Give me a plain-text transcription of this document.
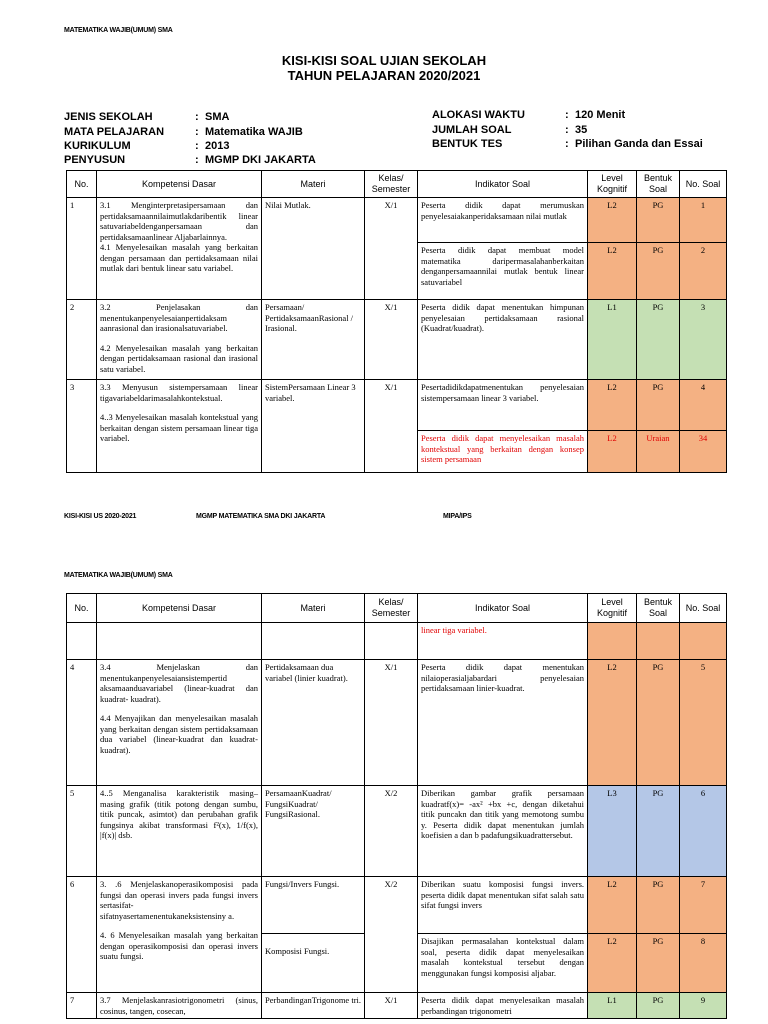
MATEMATIKA WAJIB(UMUM) SMA
KISI-KISI SOAL UJIAN SEKOLAH
TAHUN PELAJARAN 2020/2021
JENIS SEKOLAH	: SMA
MATA PELAJARAN	: Matematika WAJIB
KURIKULUM	: 2013
PENYUSUN	: MGMP DKI JAKARTA
ALOKASI WAKTU	: 120 Menit
JUMLAH SOAL	: 35
BENTUK TES	: Pilihan Ganda dan Essai
No.	Kompetensi Dasar	Materi	Kelas/ Semester	Indikator Soal	Level Kognitif	Bentuk Soal	No. Soal
1	3.1 Menginterpretasipersamaan dan pertidaksamaannilaimutlakdaribentik linear satuvariabeldenganpersamaan dan pertidaksamaanlinear Aljabarlainnya.
4.1 Menyelesaikan masalah yang berkaitan dengan persamaan dan pertidaksamaan nilai mutlak dari bentuk linear satu variabel.	Nilai Mutlak.	X/1	Peserta didik dapat merumuskan penyelesaiakanperidaksamaan nilai mutlak	L2	PG	1
				Peserta didik dapat membuat model matematika daripermasalahanberkaitan denganpersamaannilai mutlak bentuk linear satuvariabel	L2	PG	2
2	3.2 Penjelasakan dan menentukanpenyelesaianpertidaksam aanrasional dan irasionalsatuvariabel.
4.2 Menyelesaikan masalah yang berkaitan dengan pertidaksamaan rasional dan irasional satu variabel.	Persamaan/ PertidaksamaanRasional / Irasional.	X/1	Peserta didik dapat menentukan himpunan penyelesaian pertidaksamaan rasional (Kuadrat/kuadrat).	L1	PG	3
3	3.3 Menyusun sistempersamaan linear tigavariabeldarimasalahkontekstual.
4..3 Menyelesaikan masalah kontekstual yang berkaitan dengan sistem persamaan linear tiga variabel.	SistemPersamaan Linear 3 variabel.	X/1	Pesertadidikdapatmenentukan penyelesaian sistempersamaan linear 3 variabel.	L2	PG	4
				Peserta didik dapat menyelesaikan masalah kontekstual yang berkaitan dengan konsep sistem persamaan	L2	Uraian	34
KISI-KISI US 2020-2021	MGMP MATEMATIKA SMA DKI JAKARTA	MIPA/IPS
MATEMATIKA WAJIB(UMUM) SMA
No.	Kompetensi Dasar	Materi	Kelas/ Semester	Indikator Soal	Level Kognitif	Bentuk Soal	No. Soal
				linear tiga variabel.			
4	3.4 Menjelaskan dan menentukanpenyelesaiansistempertid aksamaanduavariabel (linear-kuadrat dan kuadrat- kuadrat).
4.4 Menyajikan dan menyelesaikan masalah yang berkaitan dengan sistem pertidaksamaan dua variabel (linear-kuadrat dan kuadrat-kuadrat).	Pertidaksamaan dua variabel (linier kuadrat).	X/1	Peserta didik dapat menentukan nilaioperasialjabardari penyelesaian pertidaksamaan linier-kuadrat.	L2	PG	5
5	4..5 Menganalisa karakteristik masing–masing grafik (titik potong dengan sumbu, titik puncak, asimtot) dan perubahan grafik fungsinya akibat transformasi f²(x), 1/f(x), |f(x)| dsb.	PersamaanKuadrat/ FungsiKuadrat/ FungsiRasional.	X/2	Diberikan gambar grafik persamaan kuadratf(x)= -ax² +bx +c, dengan diketahui titik puncakn dan titik yang memotong sumbu y. Peserta didik dapat menentukan jumlah koefisien a dan b padafungsikuadrattersebut.	L3	PG	6
6	3. .6 Menjelaskanoperasikomposisi pada fungsi dan operasi invers pada fungsi invers sertasifat-sifatnyasertamenentukaneksistensiny a.
4. 6 Menyelesaikan masalah yang berkaitan dengan operasikomposisi dan operasi invers suatu fungsi.	Fungsi/Invers Fungsi.	X/2	Diberikan suatu komposisi fungsi invers. peserta didik dapat menentukan sifat salah satu sifat fungsi invers	L2	PG	7
		Komposisi Fungsi.		Disajikan permasalahan kontekstual dalam soal, peserta didik dapat menyelesaikan masalah kontekstual tersebut dengan menggunakan fungsi komposisi aljabar.	L2	PG	8
7	3.7 Menjelaskanrasiotrigonometri (sinus, cosinus, tangen, cosecan,	PerbandinganTrigonome tri.	X/1	Peserta didik dapat menyelesaikan masalah perbandingan trigonometri	L1	PG	9
